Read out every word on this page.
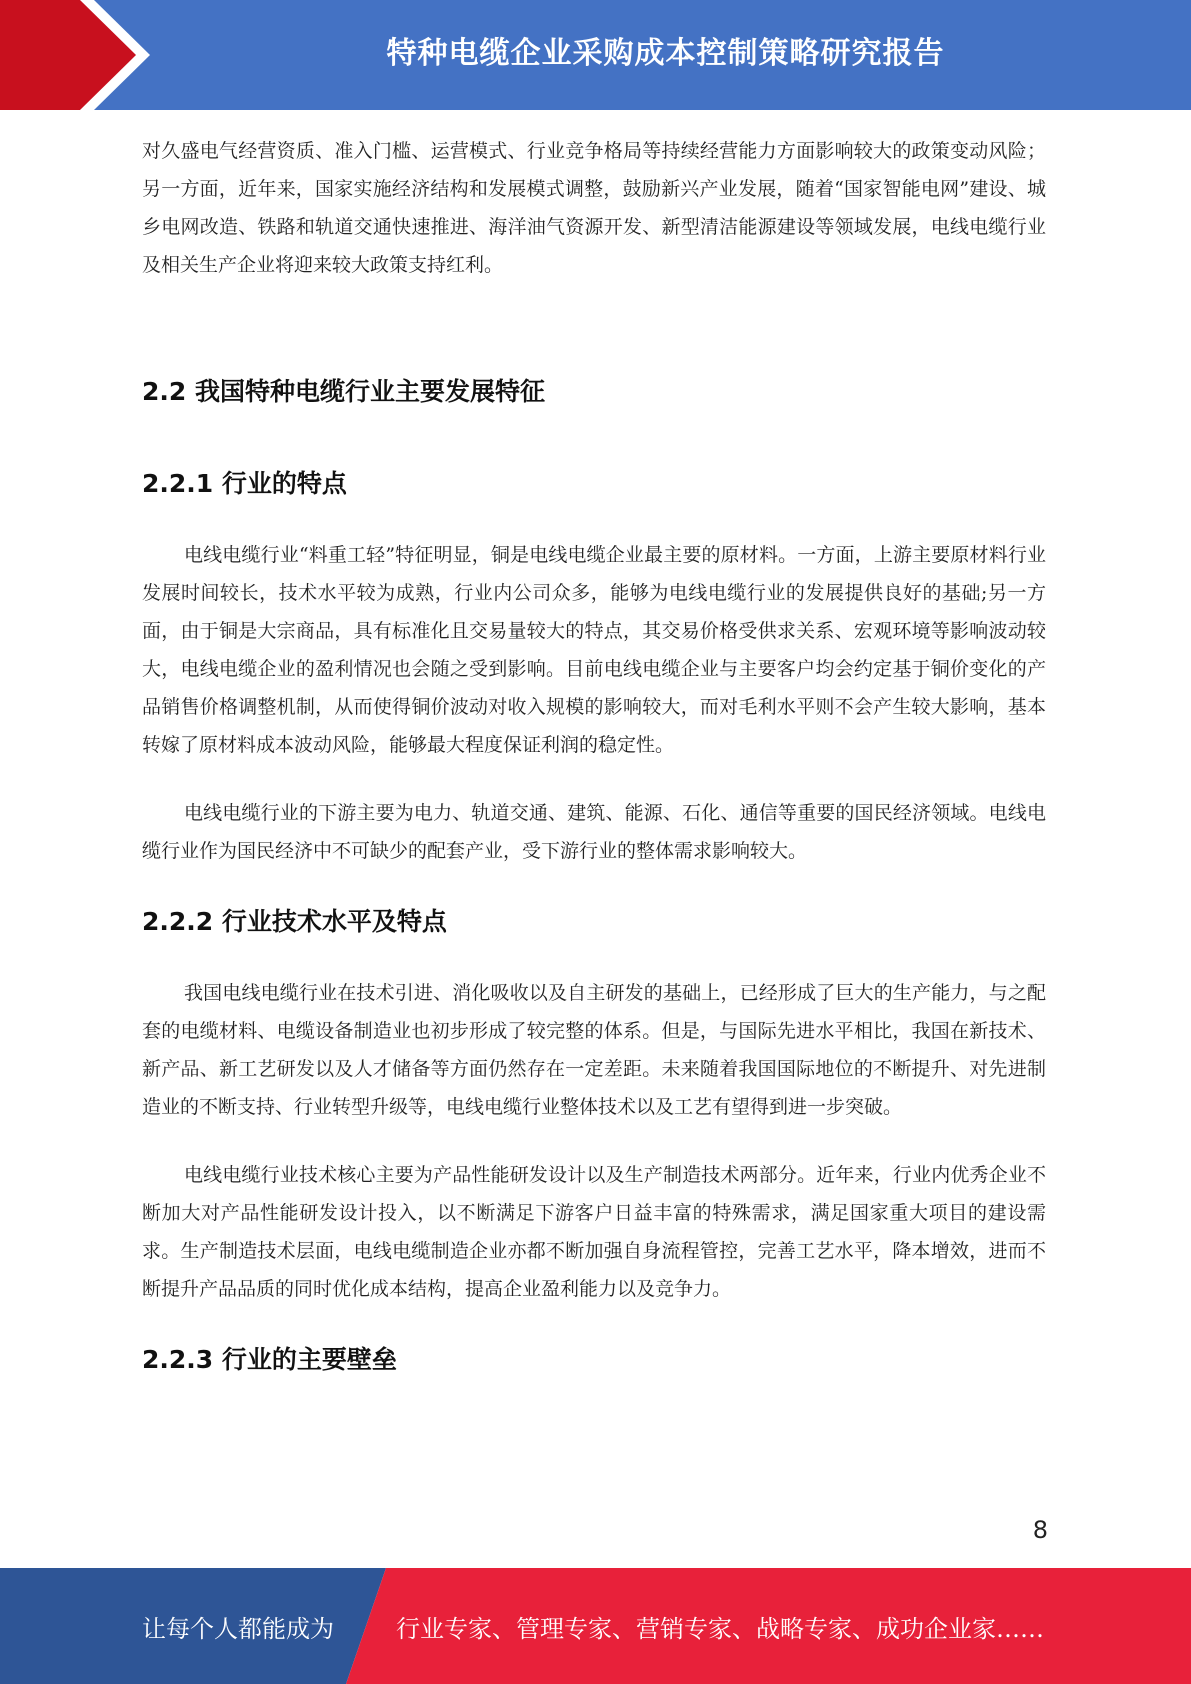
特种电缆企业采购成本控制策略研究报告

对久盛电气经营资质、准入门槛、运营模式、行业竞争格局等持续经营能力方面影响较大的政策变动风险；另一方面，近年来，国家实施经济结构和发展模式调整，鼓励新兴产业发展，随着“国家智能电网”建设、城乡电网改造、铁路和轨道交通快速推进、海洋油气资源开发、新型清洁能源建设等领域发展，电线电缆行业及相关生产企业将迎来较大政策支持红利。

2.2 我国特种电缆行业主要发展特征
2.2.1 行业的特点

电线电缆行业“料重工轻”特征明显，铜是电线电缆企业最主要的原材料。一方面，上游主要原材料行业发展时间较长，技术水平较为成熟，行业内公司众多，能够为电线电缆行业的发展提供良好的基础;另一方面，由于铜是大宗商品，具有标准化且交易量较大的特点，其交易价格受供求关系、宏观环境等影响波动较大，电线电缆企业的盈利情况也会随之受到影响。目前电线电缆企业与主要客户均会约定基于铜价变化的产品销售价格调整机制，从而使得铜价波动对收入规模的影响较大，而对毛利水平则不会产生较大影响，基本转嫁了原材料成本波动风险，能够最大程度保证利润的稳定性。

电线电缆行业的下游主要为电力、轨道交通、建筑、能源、石化、通信等重要的国民经济领域。电线电缆行业作为国民经济中不可缺少的配套产业，受下游行业的整体需求影响较大。

2.2.2 行业技术水平及特点

我国电线电缆行业在技术引进、消化吸收以及自主研发的基础上，已经形成了巨大的生产能力，与之配套的电缆材料、电缆设备制造业也初步形成了较完整的体系。但是，与国际先进水平相比，我国在新技术、新产品、新工艺研发以及人才储备等方面仍然存在一定差距。未来随着我国国际地位的不断提升、对先进制造业的不断支持、行业转型升级等，电线电缆行业整体技术以及工艺有望得到进一步突破。

电线电缆行业技术核心主要为产品性能研发设计以及生产制造技术两部分。近年来，行业内优秀企业不断加大对产品性能研发设计投入，以不断满足下游客户日益丰富的特殊需求，满足国家重大项目的建设需求。生产制造技术层面，电线电缆制造企业亦都不断加强自身流程管控，完善工艺水平，降本增效，进而不断提升产品品质的同时优化成本结构，提高企业盈利能力以及竞争力。

2.2.3 行业的主要壁垒
8
让每个人都能成为	行业专家、管理专家、营销专家、战略专家、成功企业家……
